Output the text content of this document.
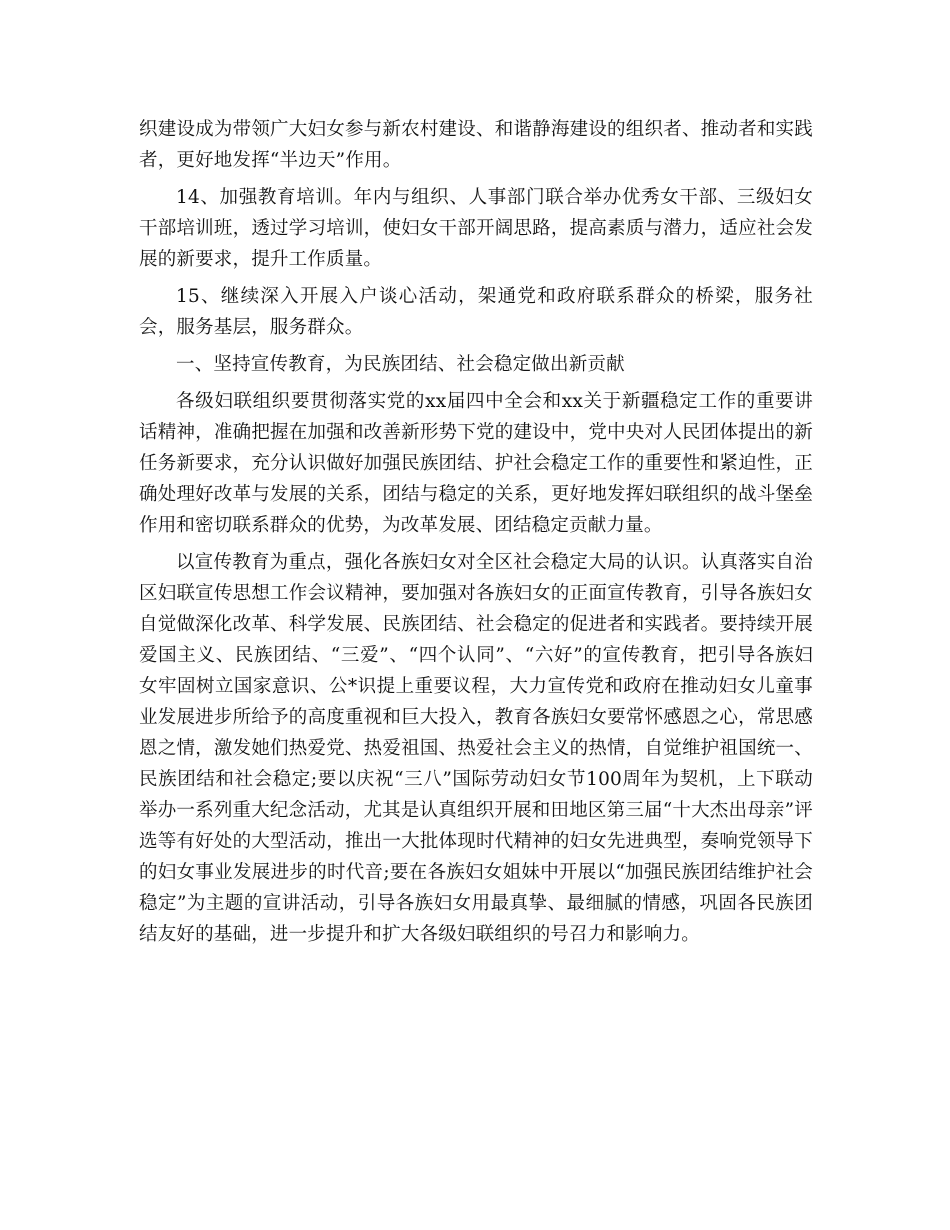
织建设成为带领广大妇女参与新农村建设、和谐静海建设的组织者、推动者和实践者，更好地发挥“半边天”作用。

14、加强教育培训。年内与组织、人事部门联合举办优秀女干部、三级妇女干部培训班，透过学习培训，使妇女干部开阔思路，提高素质与潜力，适应社会发展的新要求，提升工作质量。

15、继续深入开展入户谈心活动，架通党和政府联系群众的桥梁，服务社会，服务基层，服务群众。

一、坚持宣传教育，为民族团结、社会稳定做出新贡献

各级妇联组织要贯彻落实党的xx届四中全会和xx关于新疆稳定工作的重要讲话精神，准确把握在加强和改善新形势下党的建设中，党中央对人民团体提出的新任务新要求，充分认识做好加强民族团结、护社会稳定工作的重要性和紧迫性，正确处理好改革与发展的关系，团结与稳定的关系，更好地发挥妇联组织的战斗堡垒作用和密切联系群众的优势，为改革发展、团结稳定贡献力量。

以宣传教育为重点，强化各族妇女对全区社会稳定大局的认识。认真落实自治区妇联宣传思想工作会议精神，要加强对各族妇女的正面宣传教育，引导各族妇女自觉做深化改革、科学发展、民族团结、社会稳定的促进者和实践者。要持续开展爱国主义、民族团结、“三爱”、“四个认同”、“六好”的宣传教育，把引导各族妇女牢固树立国家意识、公*识提上重要议程，大力宣传党和政府在推动妇女儿童事业发展进步所给予的高度重视和巨大投入，教育各族妇女要常怀感恩之心，常思感恩之情，激发她们热爱党、热爱祖国、热爱社会主义的热情，自觉维护祖国统一、民族团结和社会稳定;要以庆祝“三八”国际劳动妇女节100周年为契机，上下联动举办一系列重大纪念活动，尤其是认真组织开展和田地区第三届“十大杰出母亲”评选等有好处的大型活动，推出一大批体现时代精神的妇女先进典型，奏响党领导下的妇女事业发展进步的时代音;要在各族妇女姐妹中开展以“加强民族团结维护社会稳定”为主题的宣讲活动，引导各族妇女用最真挚、最细腻的情感，巩固各民族团结友好的基础，进一步提升和扩大各级妇联组织的号召力和影响力。
